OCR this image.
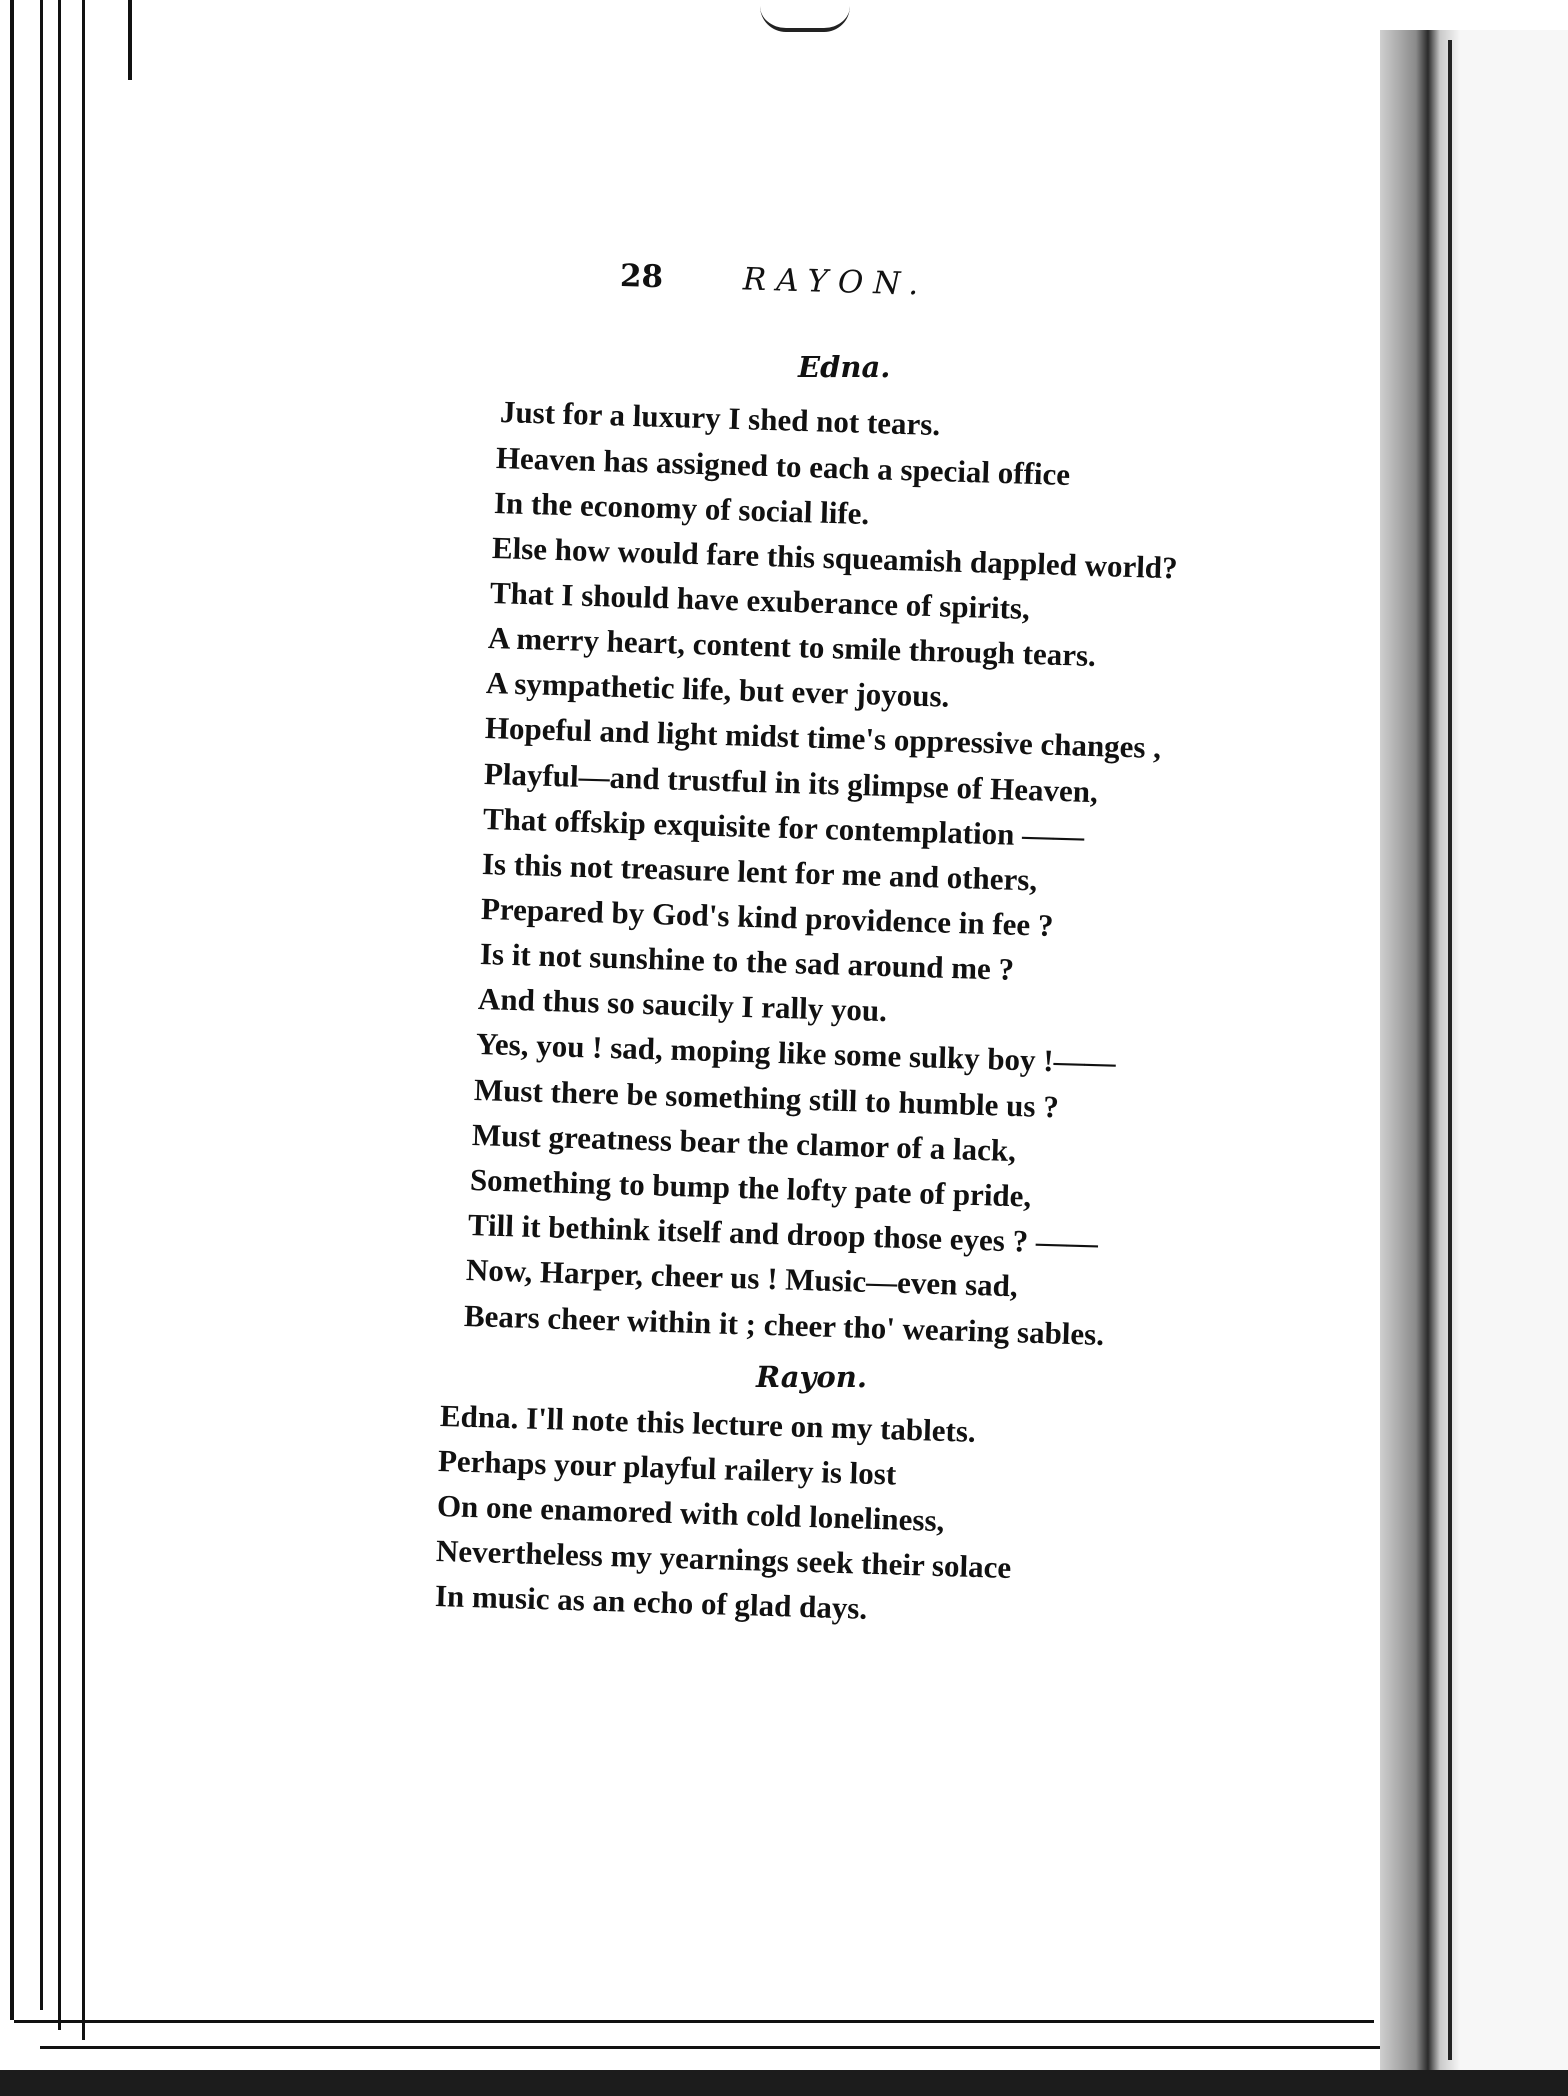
28	RAYON.
Edna.
Just for a luxury I shed not tears.
Heaven has assigned to each a special office
In the economy of social life.
Else how would fare this squeamish dappled world?
That I should have exuberance of spirits,
A merry heart, content to smile through tears.
A sympathetic life, but ever joyous.
Hopeful and light midst time's oppressive changes ,
Playful—and trustful in its glimpse of Heaven,
That offskip exquisite for contemplation ——
Is this not treasure lent for me and others,
Prepared by God's kind providence in fee ?
Is it not sunshine to the sad around me ?
And thus so saucily I rally you.
Yes, you ! sad, moping like some sulky boy !——
Must there be something still to humble us ?
Must greatness bear the clamor of a lack,
Something to bump the lofty pate of pride,
Till it bethink itself and droop those eyes ? ——
Now, Harper, cheer us ! Music—even sad,
Bears cheer within it ; cheer tho' wearing sables.
Rayon.
Edna. I'll note this lecture on my tablets.
Perhaps your playful railery is lost
On one enamored with cold loneliness,
Nevertheless my yearnings seek their solace
In music as an echo of glad days.
